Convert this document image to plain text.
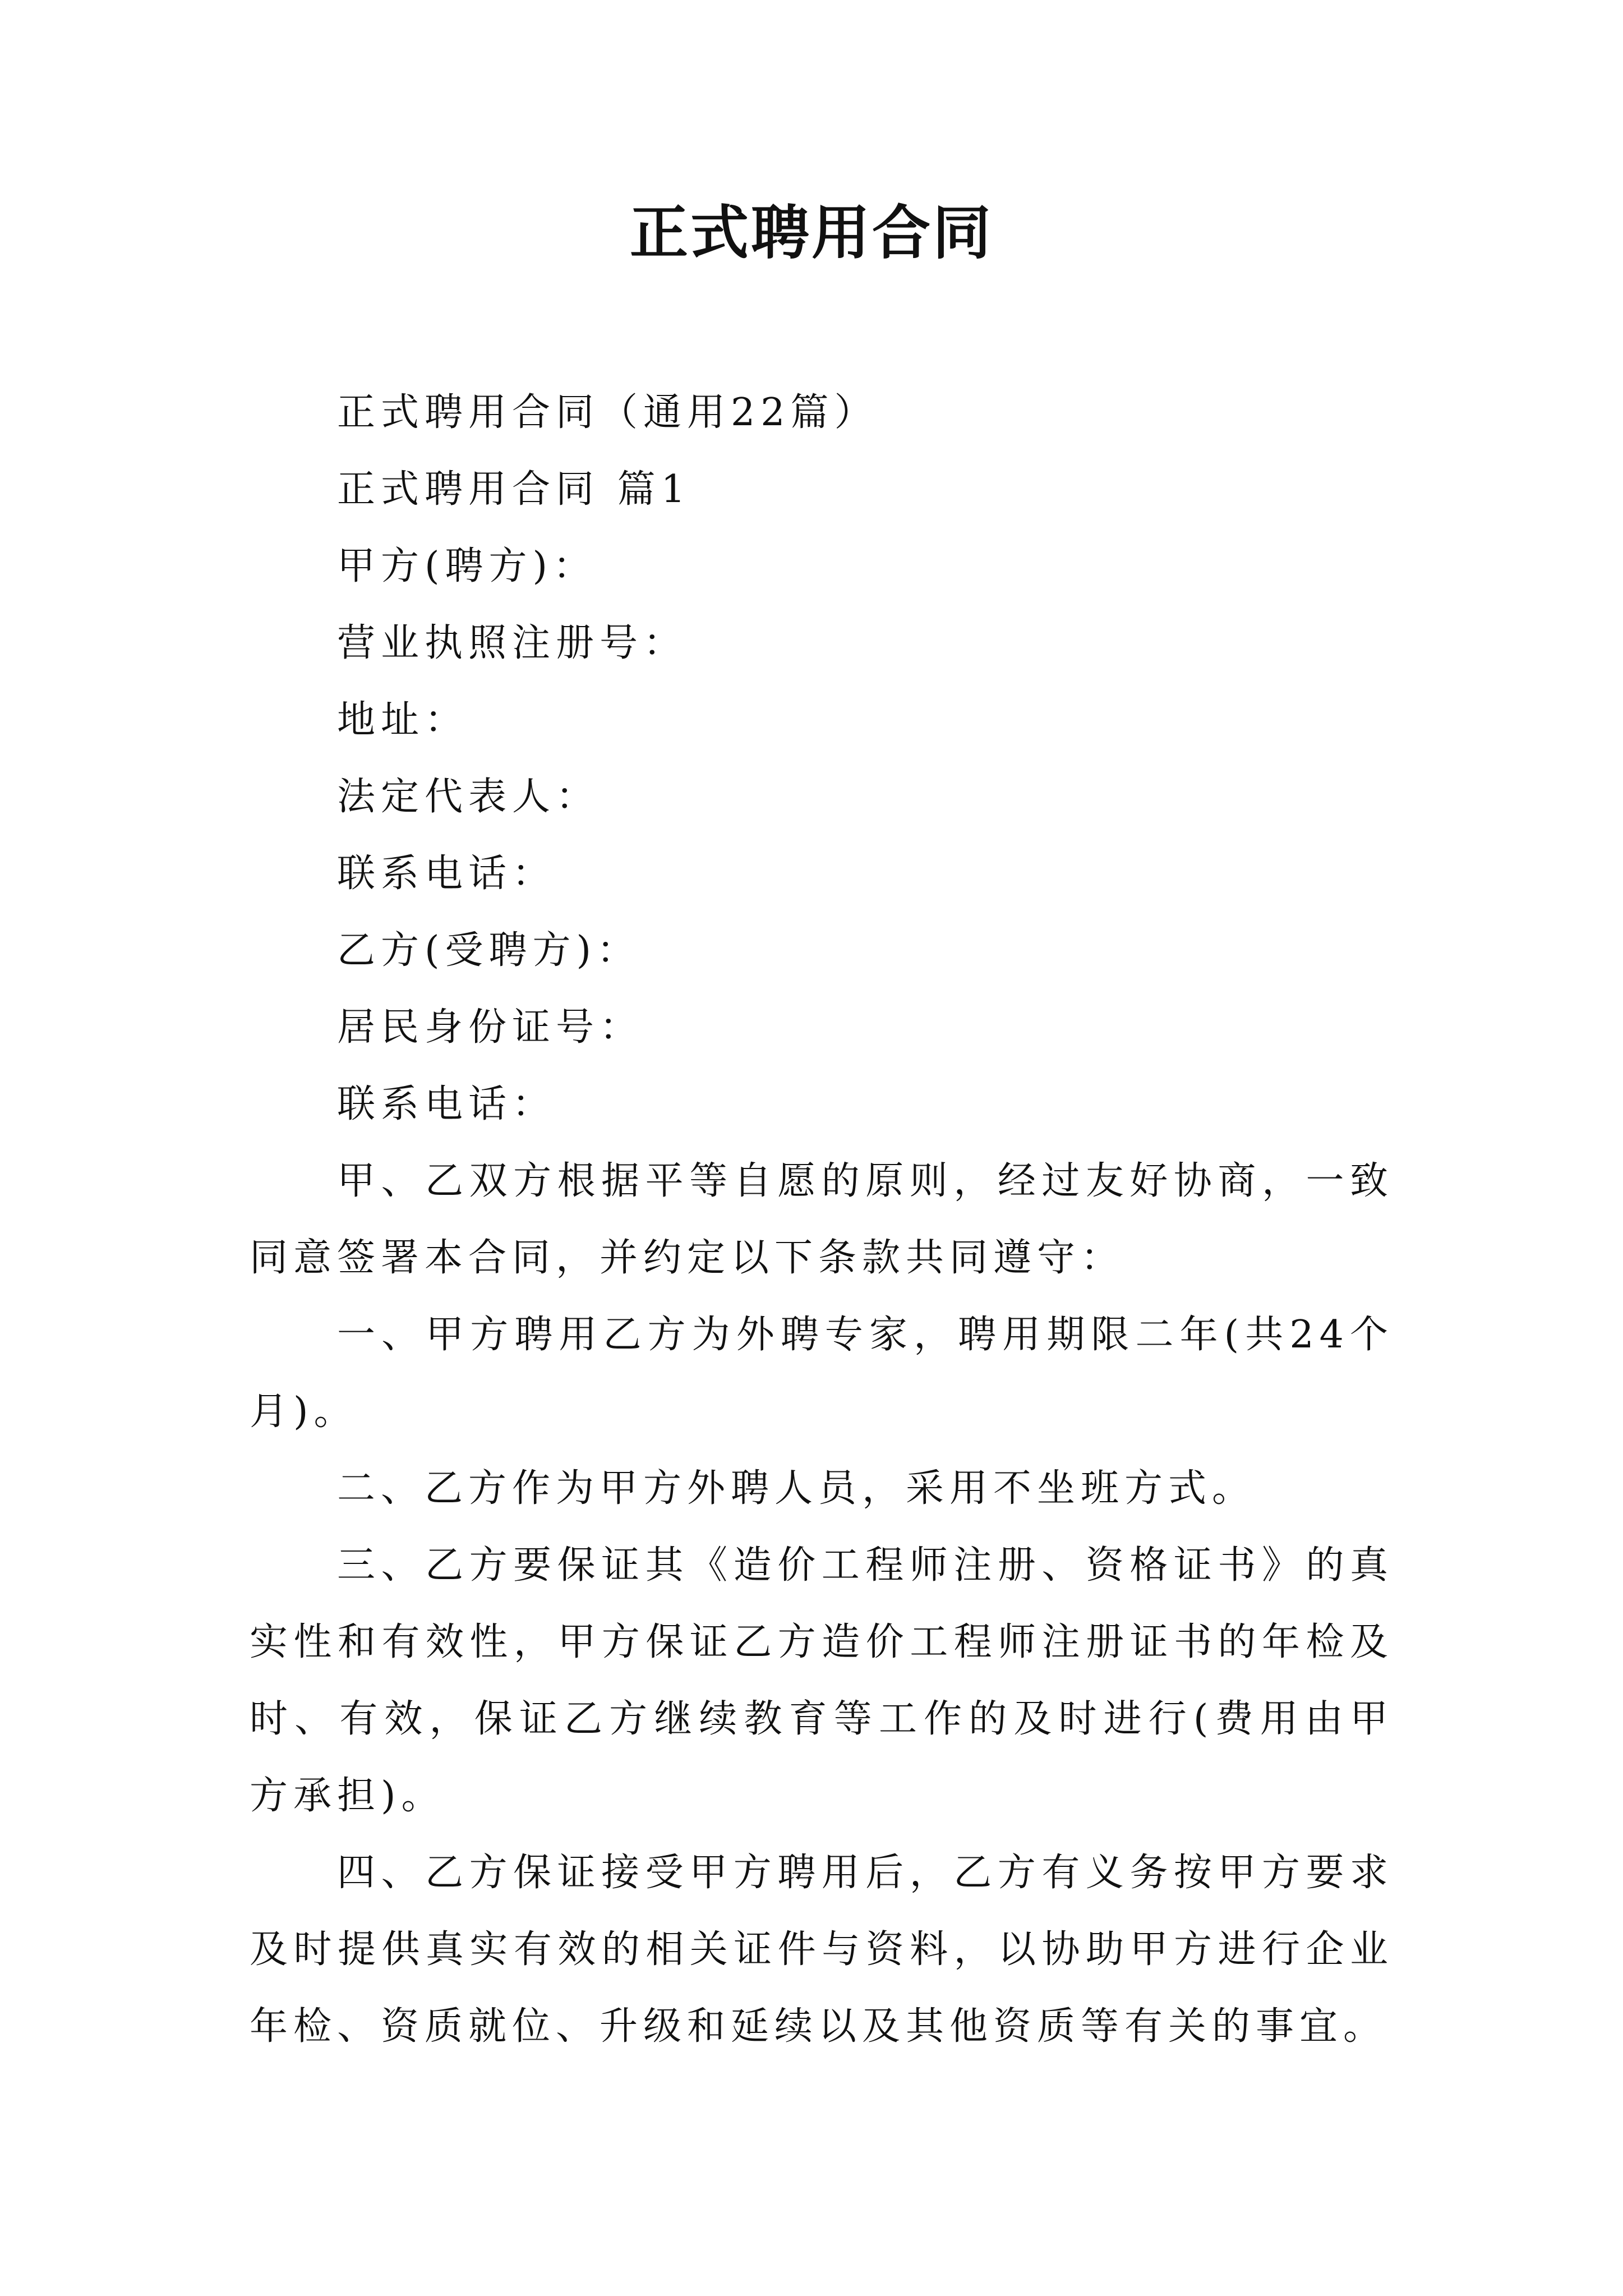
正式聘用合同

正式聘用合同（通用22篇）

正式聘用合同 篇1

甲方(聘方)：

营业执照注册号：

地址：

法定代表人：

联系电话：

乙方(受聘方)：

居民身份证号：

联系电话：

甲、乙双方根据平等自愿的原则，经过友好协商，一致同意签署本合同，并约定以下条款共同遵守：

一、甲方聘用乙方为外聘专家，聘用期限二年(共24个月)。

二、乙方作为甲方外聘人员，采用不坐班方式。

三、乙方要保证其《造价工程师注册、资格证书》的真实性和有效性，甲方保证乙方造价工程师注册证书的年检及时、有效，保证乙方继续教育等工作的及时进行(费用由甲方承担)。

四、乙方保证接受甲方聘用后，乙方有义务按甲方要求及时提供真实有效的相关证件与资料，以协助甲方进行企业年检、资质就位、升级和延续以及其他资质等有关的事宜。
